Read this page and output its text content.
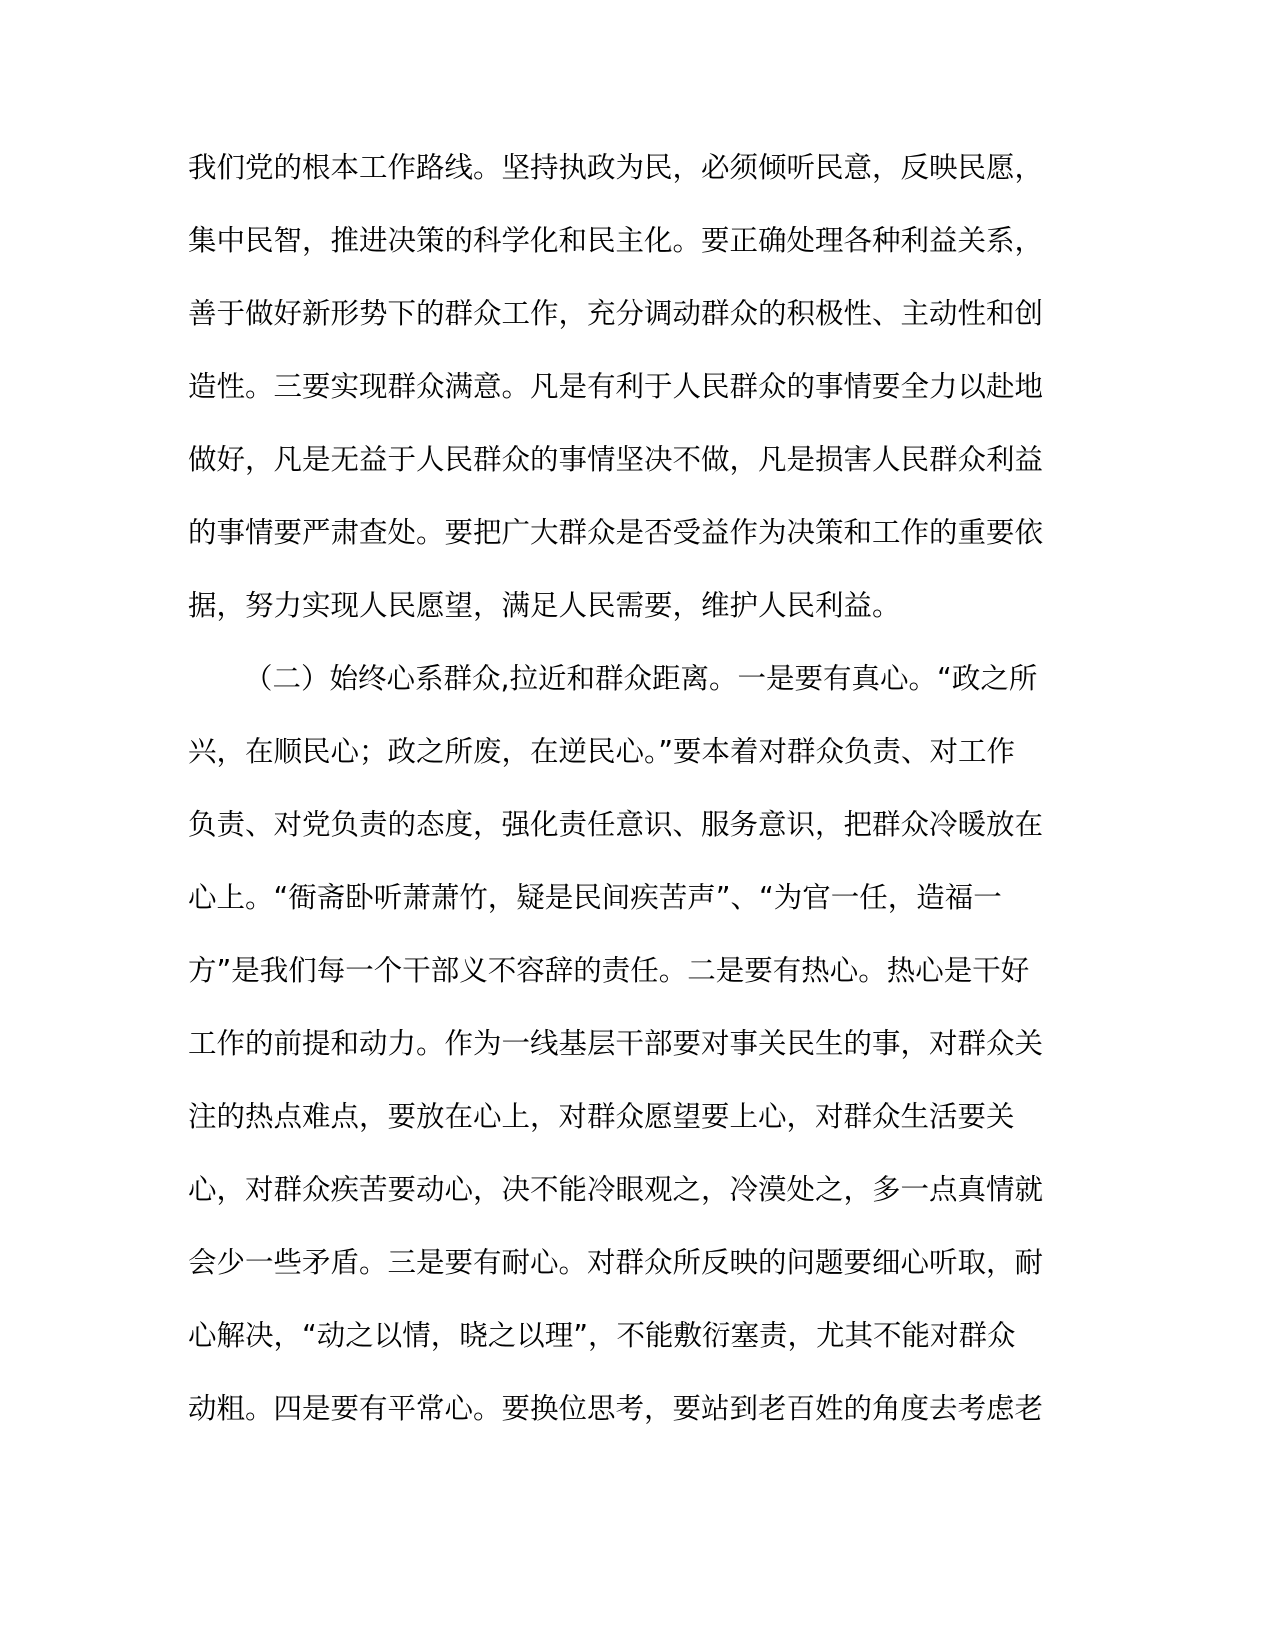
我们党的根本工作路线。坚持执政为民，必须倾听民意，反映民愿，
集中民智，推进决策的科学化和民主化。要正确处理各种利益关系，
善于做好新形势下的群众工作，充分调动群众的积极性、主动性和创
造性。三要实现群众满意。凡是有利于人民群众的事情要全力以赴地
做好，凡是无益于人民群众的事情坚决不做，凡是损害人民群众利益
的事情要严肃查处。要把广大群众是否受益作为决策和工作的重要依
据，努力实现人民愿望，满足人民需要，维护人民利益。
（二）始终心系群众,拉近和群众距离。一是要有真心。“政之所
兴，在顺民心；政之所废，在逆民心。”要本着对群众负责、对工作
负责、对党负责的态度，强化责任意识、服务意识，把群众冷暖放在
心上。“衙斋卧听萧萧竹，疑是民间疾苦声”、“为官一任，造福一
方”是我们每一个干部义不容辞的责任。二是要有热心。热心是干好
工作的前提和动力。作为一线基层干部要对事关民生的事，对群众关
注的热点难点，要放在心上，对群众愿望要上心，对群众生活要关
心，对群众疾苦要动心，决不能冷眼观之，冷漠处之，多一点真情就
会少一些矛盾。三是要有耐心。对群众所反映的问题要细心听取，耐
心解决，“动之以情，晓之以理”，不能敷衍塞责，尤其不能对群众
动粗。四是要有平常心。要换位思考，要站到老百姓的角度去考虑老
